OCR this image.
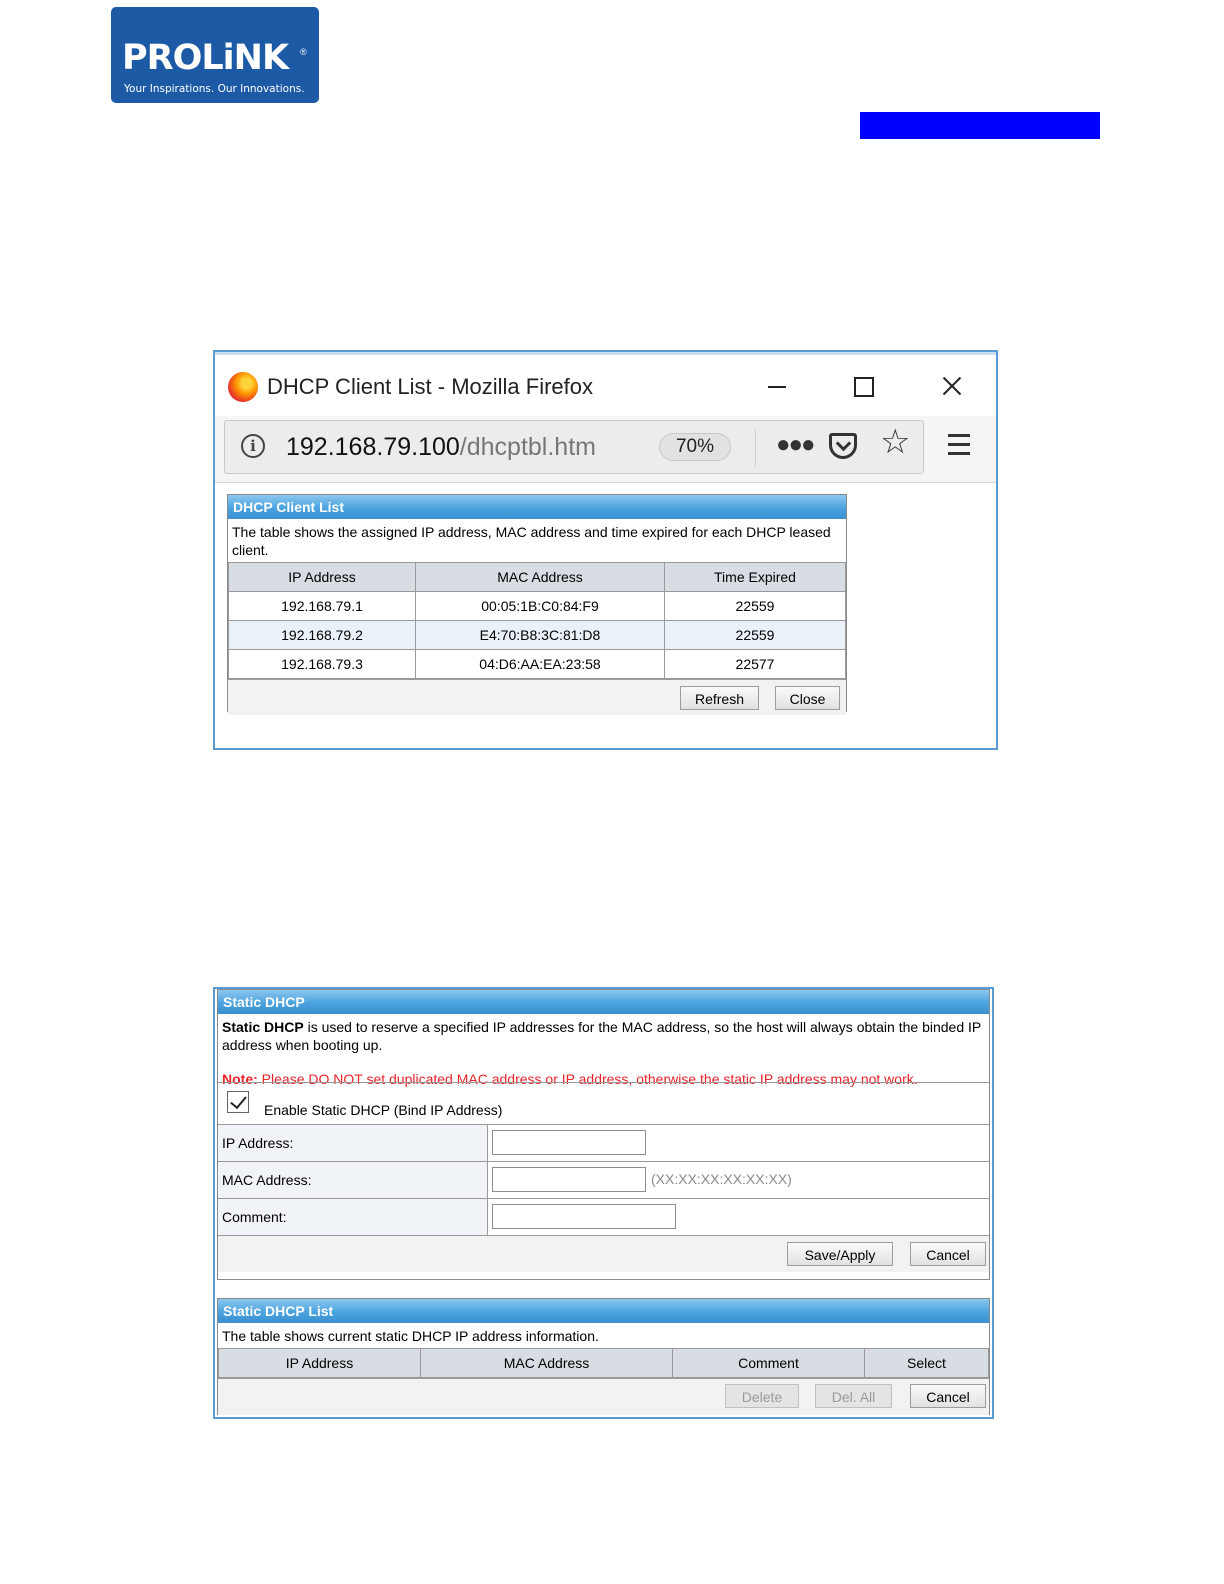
PROLiNK ®
Your Inspirations. Our Innovations.
DHCP Client List - Mozilla Firefox
i	192.168.79.100/dhcptbl.htm	70%	●●● ☆
DHCP Client List
The table shows the assigned IP address, MAC address and time expired for each DHCP leased client.
IP Address	MAC Address	Time Expired
192.168.79.1	00:05:1B:C0:84:F9	22559
192.168.79.2	E4:70:B8:3C:81:D8	22559
192.168.79.3	04:D6:AA:EA:23:58	22577
Refresh	Close
Static DHCP
Static DHCP is used to reserve a specified IP addresses for the MAC address, so the host will always obtain the binded IP address when booting up.
Note: Please DO NOT set duplicated MAC address or IP address, otherwise the static IP address may not work.
Enable Static DHCP (Bind IP Address)
IP Address:
MAC Address:	(XX:XX:XX:XX:XX:XX)
Comment:
Save/Apply	Cancel
Static DHCP List
The table shows current static DHCP IP address information.
IP Address	MAC Address	Comment	Select
Delete	Del. All	Cancel
